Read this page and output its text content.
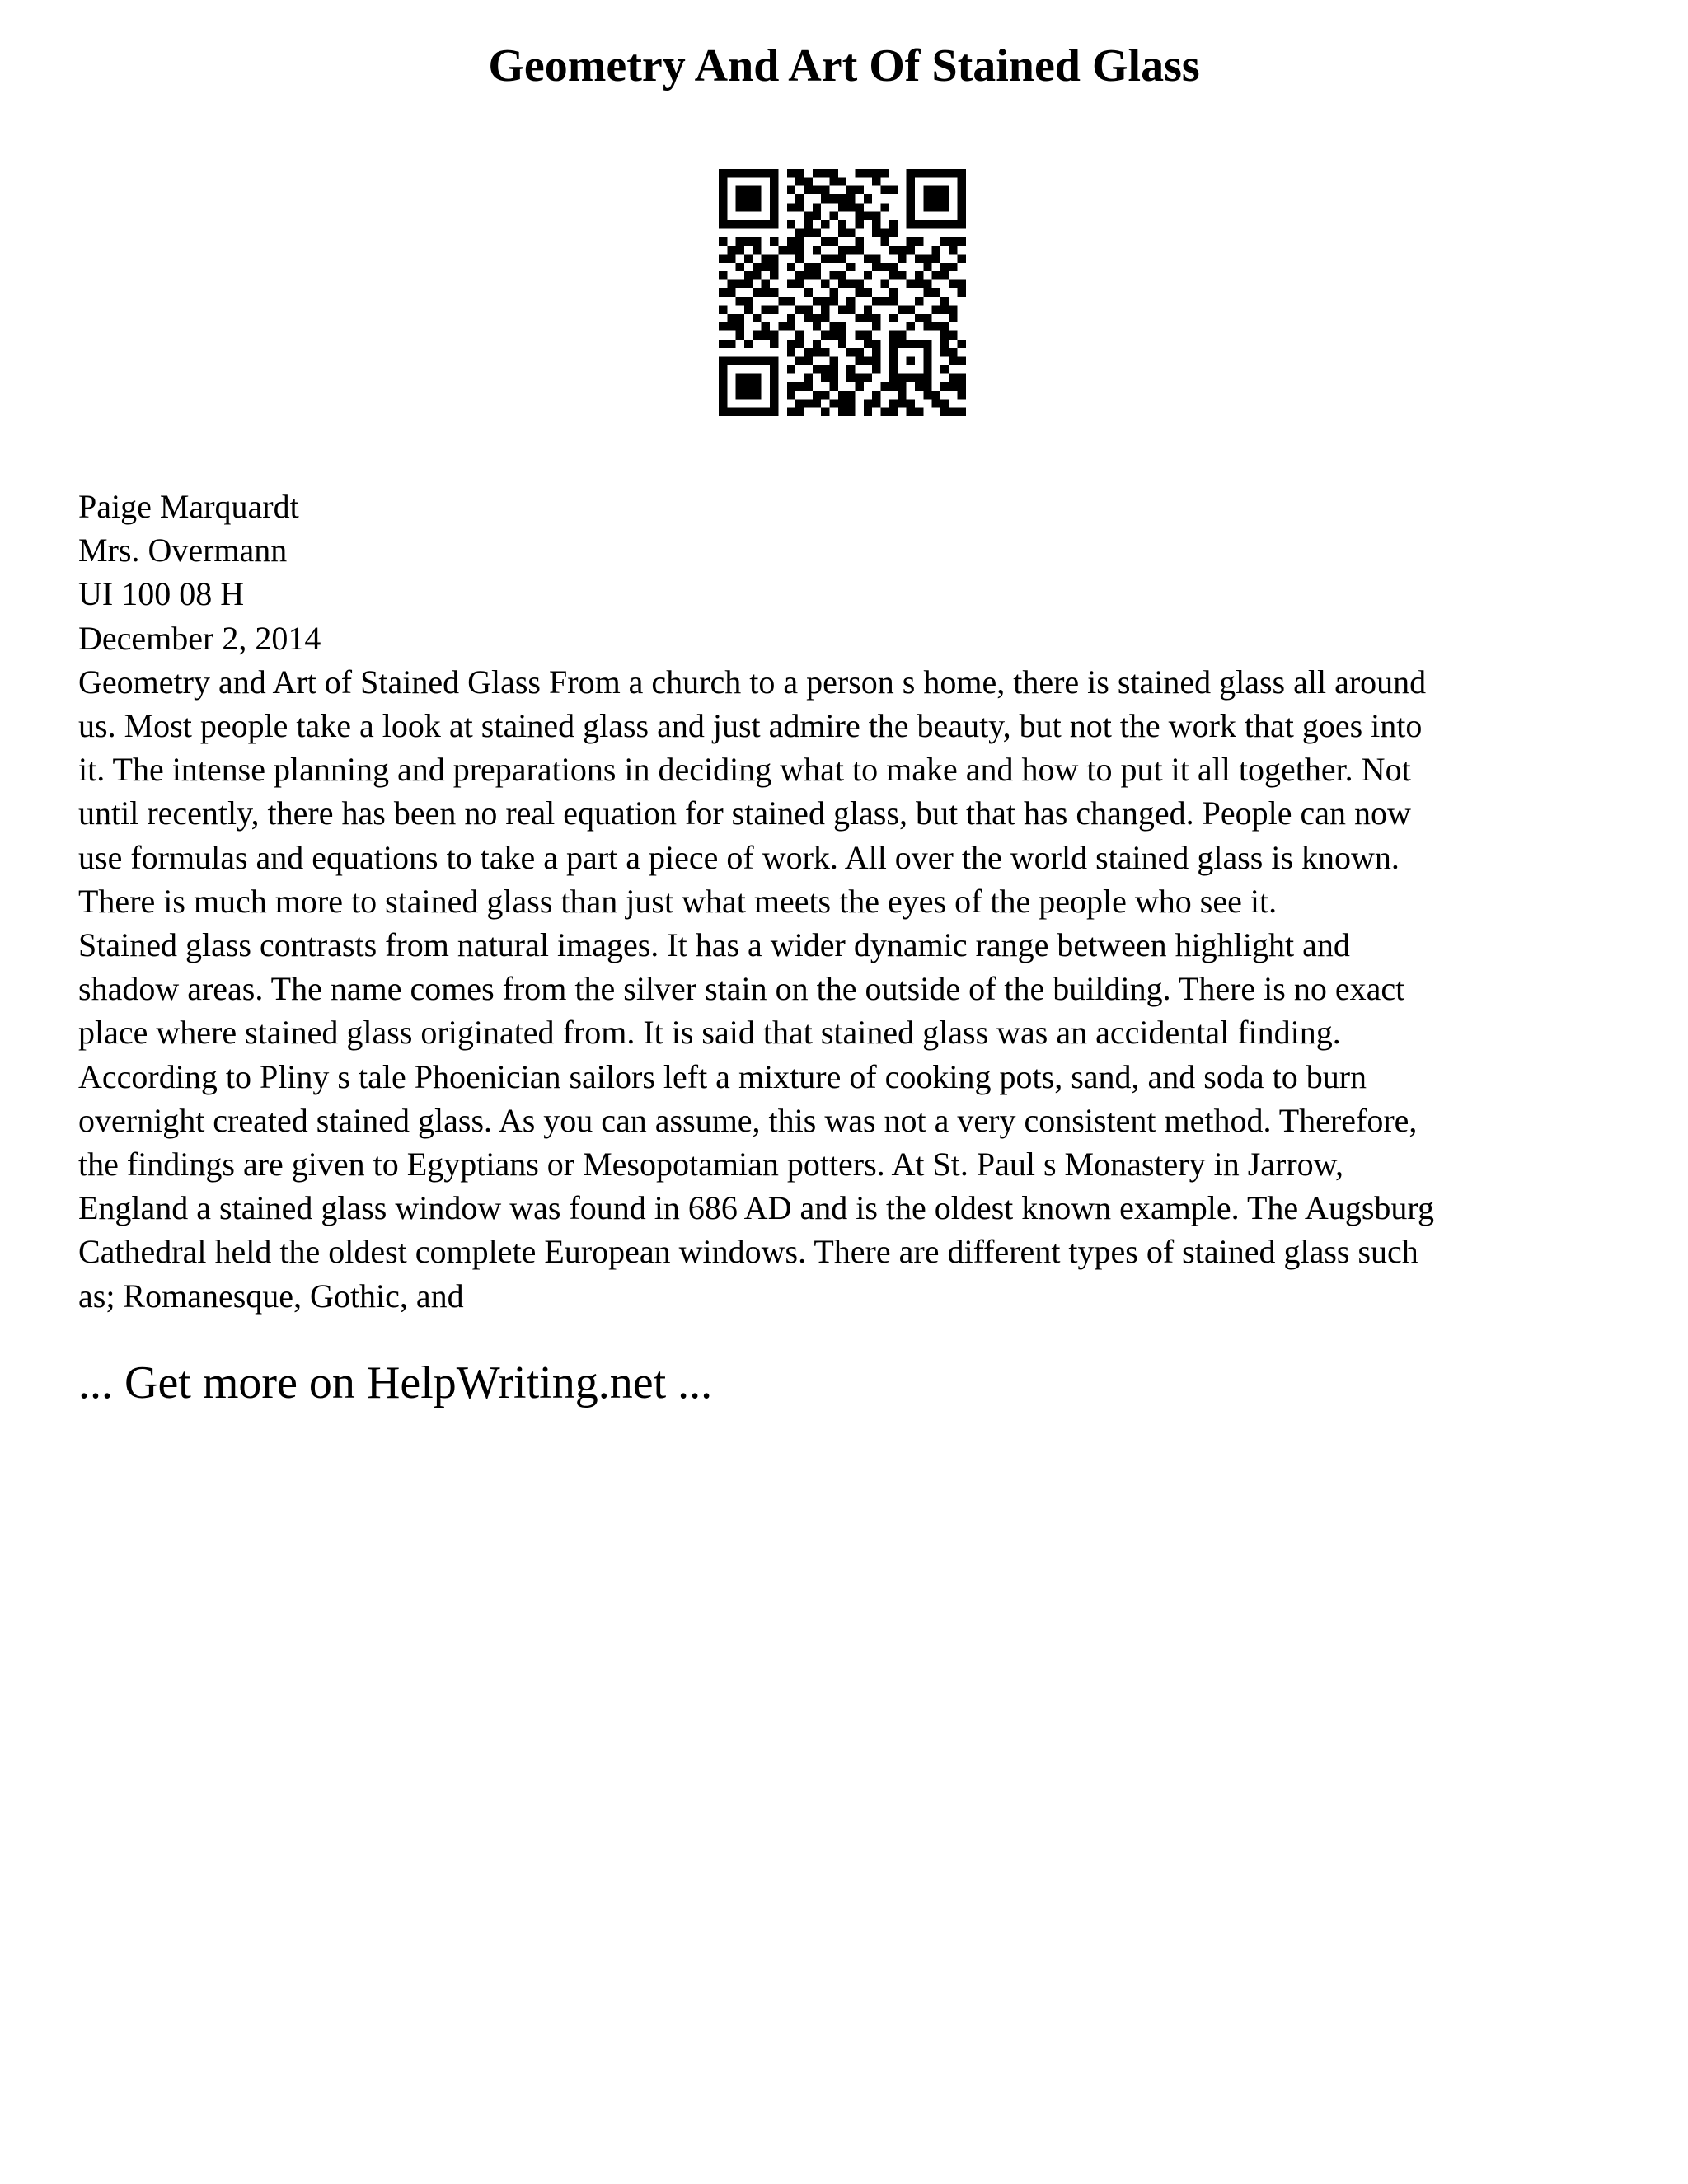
Geometry And Art Of Stained Glass
Paige Marquardt
Mrs. Overmann
UI 100 08 H
December 2, 2014
Geometry and Art of Stained Glass From a church to a person s home, there is stained glass all around
us. Most people take a look at stained glass and just admire the beauty, but not the work that goes into
it. The intense planning and preparations in deciding what to make and how to put it all together. Not
until recently, there has been no real equation for stained glass, but that has changed. People can now
use formulas and equations to take a part a piece of work. All over the world stained glass is known.
There is much more to stained glass than just what meets the eyes of the people who see it.
Stained glass contrasts from natural images. It has a wider dynamic range between highlight and
shadow areas. The name comes from the silver stain on the outside of the building. There is no exact
place where stained glass originated from. It is said that stained glass was an accidental finding.
According to Pliny s tale Phoenician sailors left a mixture of cooking pots, sand, and soda to burn
overnight created stained glass. As you can assume, this was not a very consistent method. Therefore,
the findings are given to Egyptians or Mesopotamian potters. At St. Paul s Monastery in Jarrow,
England a stained glass window was found in 686 AD and is the oldest known example. The Augsburg
Cathedral held the oldest complete European windows. There are different types of stained glass such
as; Romanesque, Gothic, and
... Get more on HelpWriting.net ...
